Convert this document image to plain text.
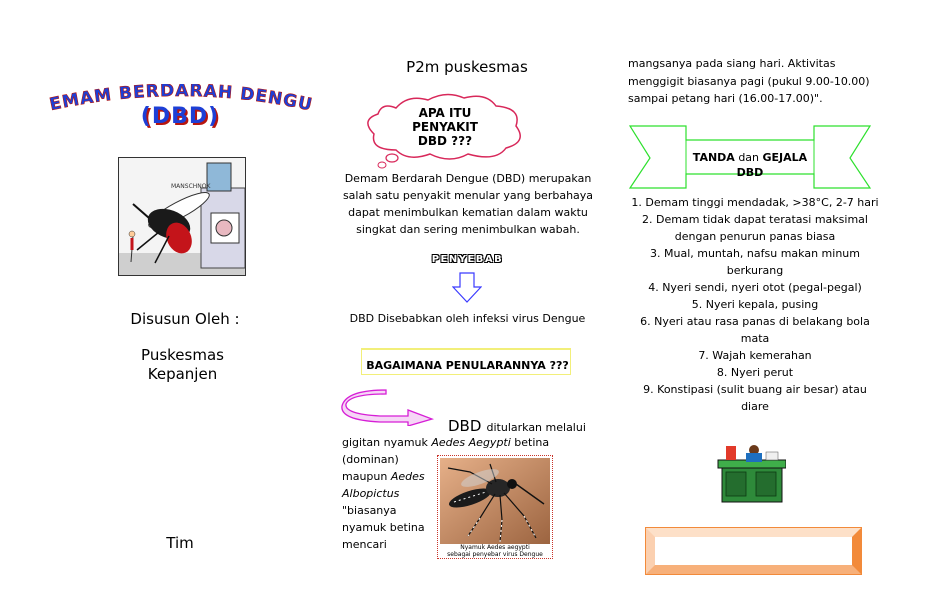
EMAM BERDARAH DENGU
(DBD)
MANSCHNOK
Disusun Oleh :
Puskesmas
Kepanjen
Tim
P2m puskesmas
APA ITU
PENYAKIT
DBD ???
Demam Berdarah Dengue (DBD) merupakan
salah satu penyakit menular yang berbahaya
dapat menimbulkan kematian dalam waktu
singkat dan sering menimbulkan wabah.
PENYEBAB
DBD Disebabkan oleh infeksi virus Dengue
BAGAIMANA PENULARANNYA ???
DBD ditularkan melalui
gigitan nyamuk Aedes Aegypti betina
(dominan)
maupun Aedes
Albopictus
"biasanya
nyamuk betina
mencari	Nyamuk Aedes aegypti
sebagai penyebar virus Dengue
mangsanya pada siang hari. Aktivitas
menggigit biasanya pagi (pukul 9.00-10.00)
sampai petang hari (16.00-17.00)".
TANDA dan GEJALA
DBD
1. Demam tinggi mendadak, >38°C, 2-7 hari
2. Demam tidak dapat teratasi maksimal
dengan penurun panas biasa
3. Mual, muntah, nafsu makan minum
berkurang
4. Nyeri sendi, nyeri otot (pegal-pegal)
5. Nyeri kepala, pusing
6. Nyeri atau rasa panas di belakang bola
mata
7. Wajah kemerahan
8. Nyeri perut
9. Konstipasi (sulit buang air besar) atau
diare
